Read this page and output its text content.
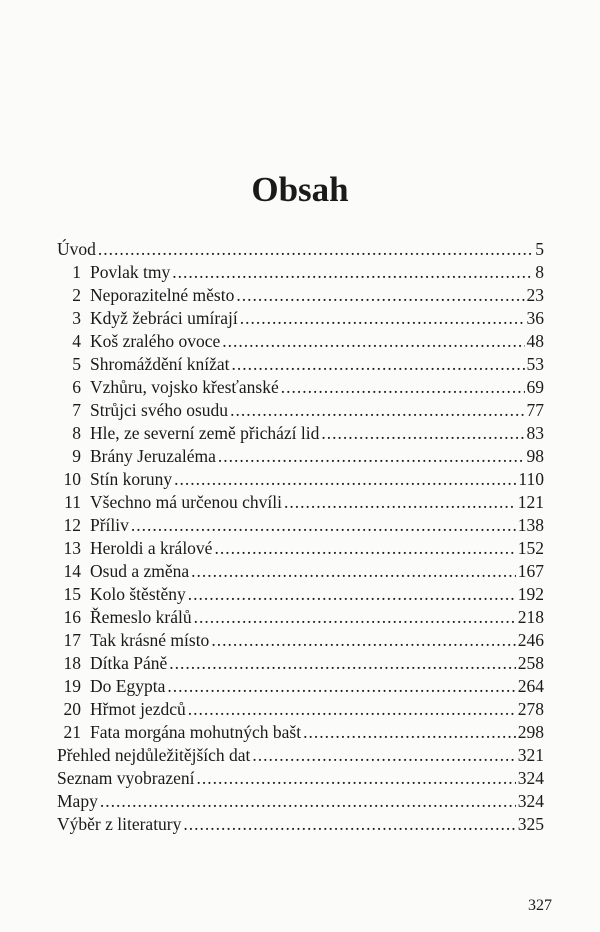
Obsah
Úvod .....	5
1 Povlak tmy .....	8
2 Neporazitelné město .....	23
3 Když žebráci umírají .....	36
4 Koš zralého ovoce .....	48
5 Shromáždění knížat .....	53
6 Vzhůru, vojsko křesťanské .....	69
7 Strůjci svého osudu .....	77
8 Hle, ze severní země přichází lid .....	83
9 Brány Jeruzaléma .....	98
10 Stín koruny .....	110
11 Všechno má určenou chvíli .....	121
12 Příliv .....	138
13 Heroldi a králové .....	152
14 Osud a změna .....	167
15 Kolo štěstěny .....	192
16 Řemeslo králů .....	218
17 Tak krásné místo .....	246
18 Dítka Páně .....	258
19 Do Egypta .....	264
20 Hřmot jezdců .....	278
21 Fata morgána mohutných bašt .....	298
Přehled nejdůležitějších dat .....	321
Seznam vyobrazení .....	324
Mapy .....	324
Výběr z literatury .....	325
327
